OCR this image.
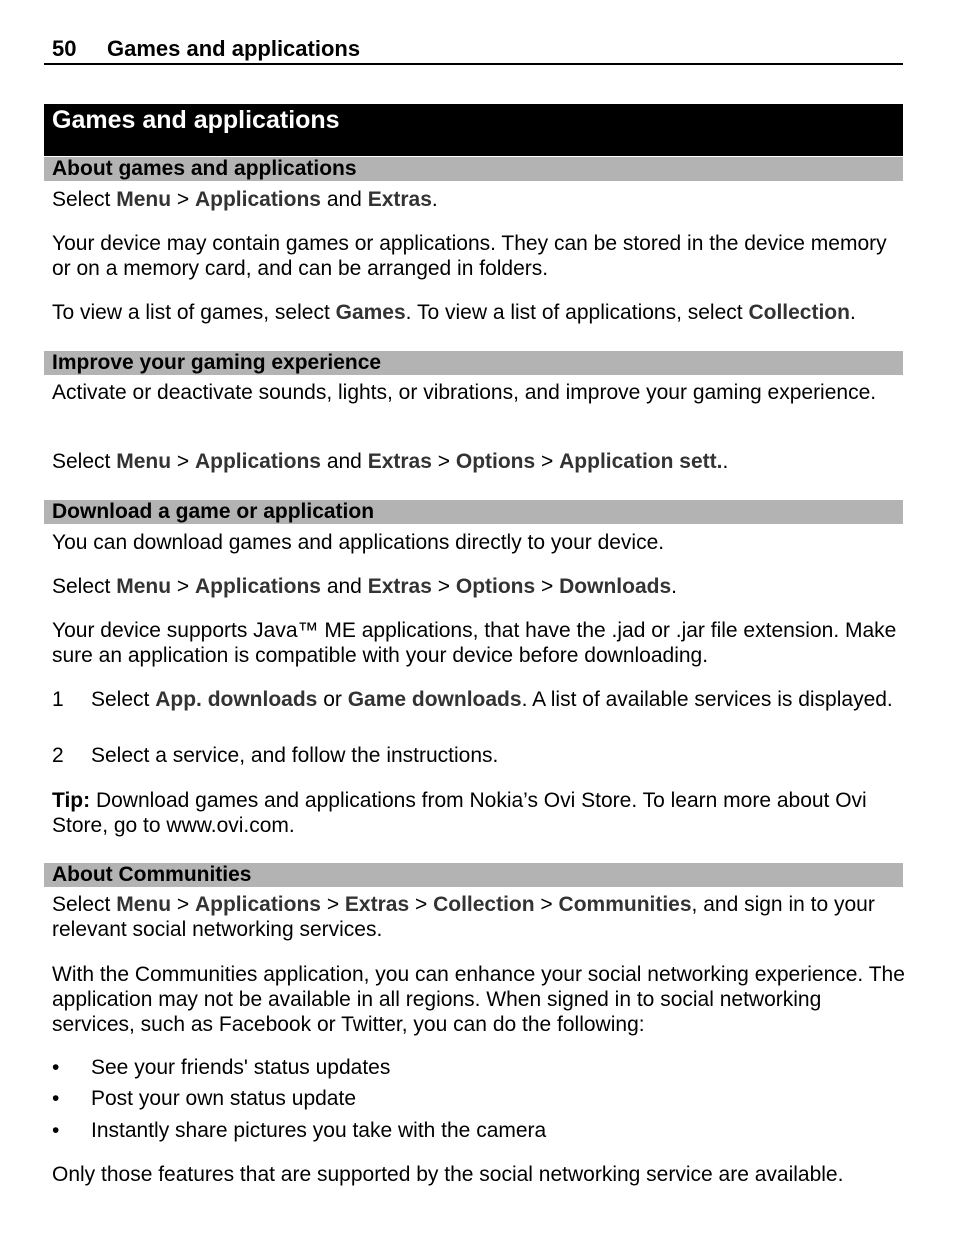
50 Games and applications
Games and applications
About games and applications
Select Menu > Applications and Extras.
Your device may contain games or applications. They can be stored in the device memory or on a memory card, and can be arranged in folders.
To view a list of games, select Games. To view a list of applications, select Collection.
Improve your gaming experience
Activate or deactivate sounds, lights, or vibrations, and improve your gaming experience.
Select Menu > Applications and Extras > Options > Application sett..
Download a game or application
You can download games and applications directly to your device.
Select Menu > Applications and Extras > Options > Downloads.
Your device supports Java™ ME applications, that have the .jad or .jar file extension. Make sure an application is compatible with your device before downloading.
1 Select App. downloads or Game downloads. A list of available services is displayed.
2 Select a service, and follow the instructions.
Tip: Download games and applications from Nokia’s Ovi Store. To learn more about Ovi Store, go to www.ovi.com.
About Communities
Select Menu > Applications > Extras > Collection > Communities, and sign in to your relevant social networking services.
With the Communities application, you can enhance your social networking experience. The application may not be available in all regions. When signed in to social networking services, such as Facebook or Twitter, you can do the following:
• See your friends' status updates
• Post your own status update
• Instantly share pictures you take with the camera
Only those features that are supported by the social networking service are available.
